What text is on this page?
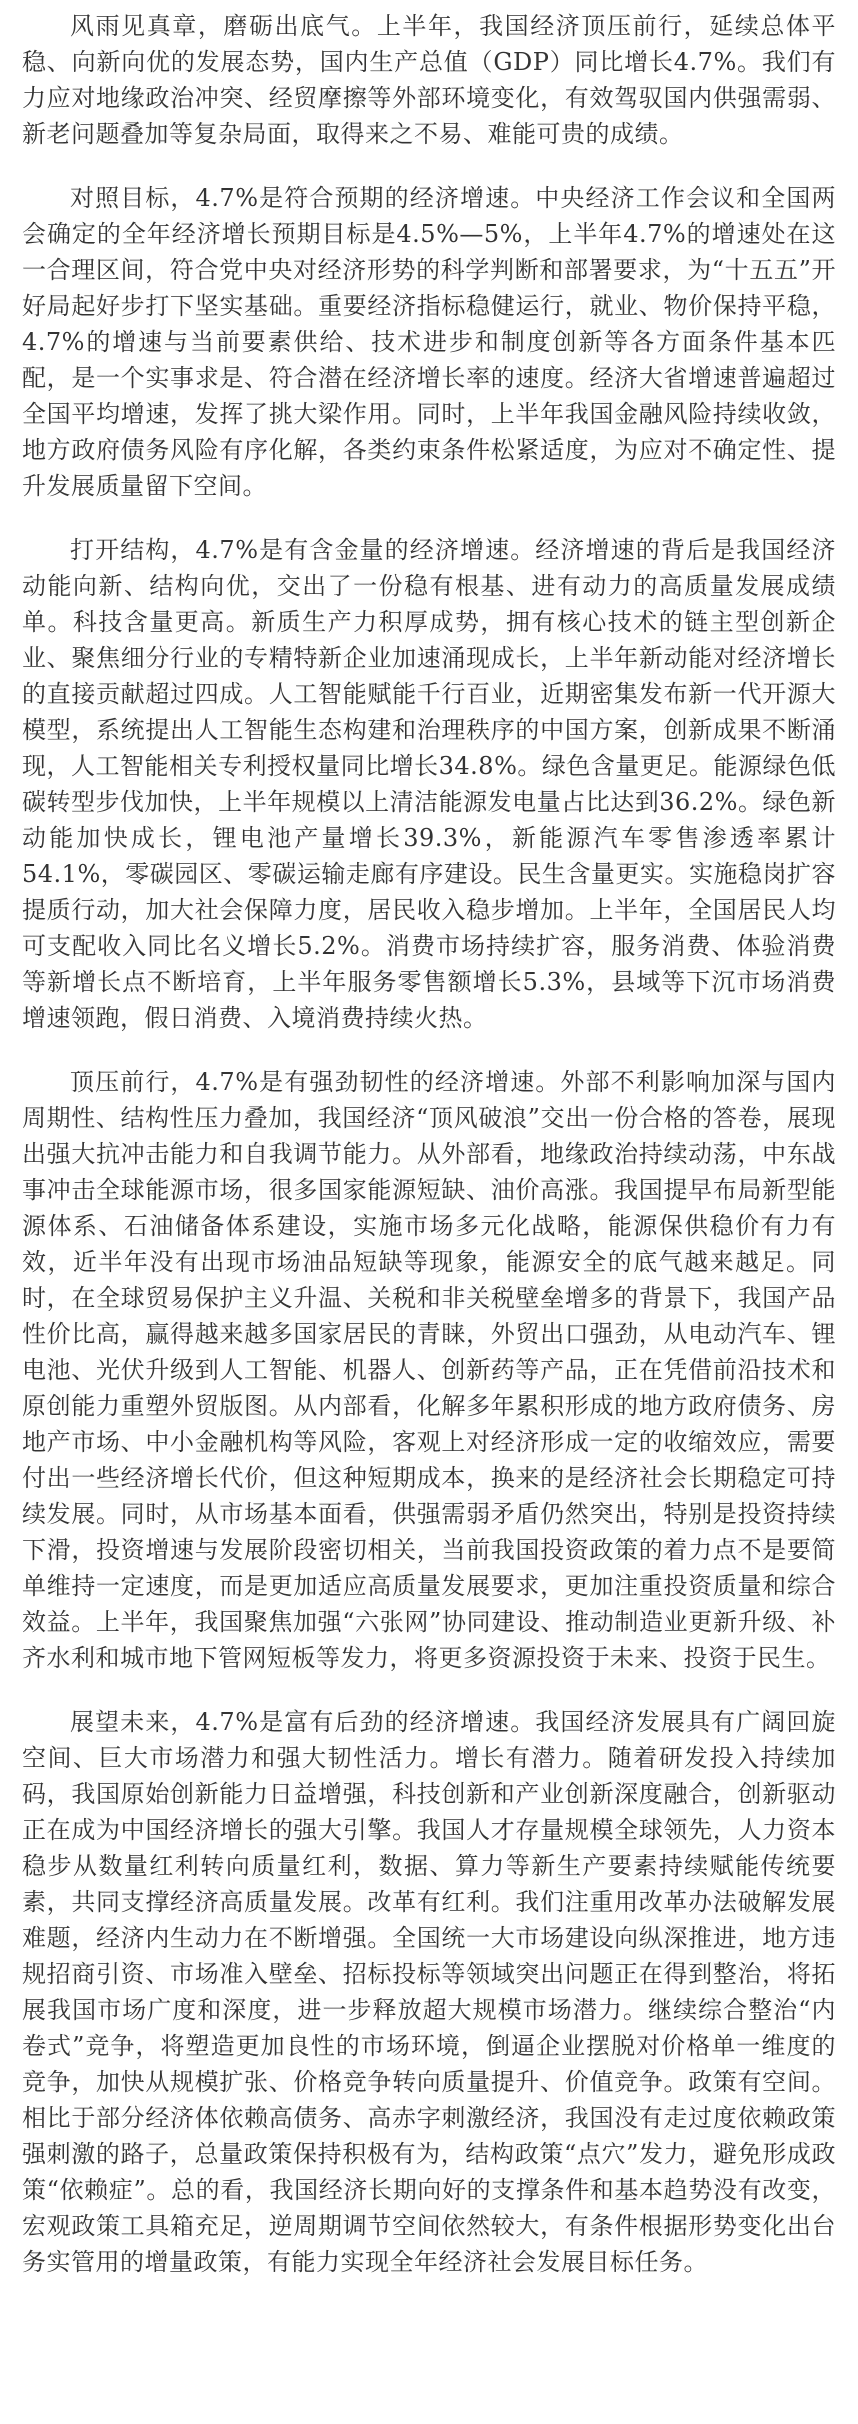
风雨见真章，磨砺出底气。上半年，我国经济顶压前行，延续总体平稳、向新向优的发展态势，国内生产总值（GDP）同比增长4.7%。我们有力应对地缘政治冲突、经贸摩擦等外部环境变化，有效驾驭国内供强需弱、新老问题叠加等复杂局面，取得来之不易、难能可贵的成绩。

对照目标，4.7%是符合预期的经济增速。中央经济工作会议和全国两会确定的全年经济增长预期目标是4.5%—5%，上半年4.7%的增速处在这一合理区间，符合党中央对经济形势的科学判断和部署要求，为“十五五”开好局起好步打下坚实基础。重要经济指标稳健运行，就业、物价保持平稳，4.7%的增速与当前要素供给、技术进步和制度创新等各方面条件基本匹配，是一个实事求是、符合潜在经济增长率的速度。经济大省增速普遍超过全国平均增速，发挥了挑大梁作用。同时，上半年我国金融风险持续收敛，地方政府债务风险有序化解，各类约束条件松紧适度，为应对不确定性、提升发展质量留下空间。

打开结构，4.7%是有含金量的经济增速。经济增速的背后是我国经济动能向新、结构向优，交出了一份稳有根基、进有动力的高质量发展成绩单。科技含量更高。新质生产力积厚成势，拥有核心技术的链主型创新企业、聚焦细分行业的专精特新企业加速涌现成长，上半年新动能对经济增长的直接贡献超过四成。人工智能赋能千行百业，近期密集发布新一代开源大模型，系统提出人工智能生态构建和治理秩序的中国方案，创新成果不断涌现，人工智能相关专利授权量同比增长34.8%。绿色含量更足。能源绿色低碳转型步伐加快，上半年规模以上清洁能源发电量占比达到36.2%。绿色新动能加快成长，锂电池产量增长39.3%，新能源汽车零售渗透率累计54.1%，零碳园区、零碳运输走廊有序建设。民生含量更实。实施稳岗扩容提质行动，加大社会保障力度，居民收入稳步增加。上半年，全国居民人均可支配收入同比名义增长5.2%。消费市场持续扩容，服务消费、体验消费等新增长点不断培育，上半年服务零售额增长5.3%，县域等下沉市场消费增速领跑，假日消费、入境消费持续火热。

顶压前行，4.7%是有强劲韧性的经济增速。外部不利影响加深与国内周期性、结构性压力叠加，我国经济“顶风破浪”交出一份合格的答卷，展现出强大抗冲击能力和自我调节能力。从外部看，地缘政治持续动荡，中东战事冲击全球能源市场，很多国家能源短缺、油价高涨。我国提早布局新型能源体系、石油储备体系建设，实施市场多元化战略，能源保供稳价有力有效，近半年没有出现市场油品短缺等现象，能源安全的底气越来越足。同时，在全球贸易保护主义升温、关税和非关税壁垒增多的背景下，我国产品性价比高，赢得越来越多国家居民的青睐，外贸出口强劲，从电动汽车、锂电池、光伏升级到人工智能、机器人、创新药等产品，正在凭借前沿技术和原创能力重塑外贸版图。从内部看，化解多年累积形成的地方政府债务、房地产市场、中小金融机构等风险，客观上对经济形成一定的收缩效应，需要付出一些经济增长代价，但这种短期成本，换来的是经济社会长期稳定可持续发展。同时，从市场基本面看，供强需弱矛盾仍然突出，特别是投资持续下滑，投资增速与发展阶段密切相关，当前我国投资政策的着力点不是要简单维持一定速度，而是更加适应高质量发展要求，更加注重投资质量和综合效益。上半年，我国聚焦加强“六张网”协同建设、推动制造业更新升级、补齐水利和城市地下管网短板等发力，将更多资源投资于未来、投资于民生。

展望未来，4.7%是富有后劲的经济增速。我国经济发展具有广阔回旋空间、巨大市场潜力和强大韧性活力。增长有潜力。随着研发投入持续加码，我国原始创新能力日益增强，科技创新和产业创新深度融合，创新驱动正在成为中国经济增长的强大引擎。我国人才存量规模全球领先，人力资本稳步从数量红利转向质量红利，数据、算力等新生产要素持续赋能传统要素，共同支撑经济高质量发展。改革有红利。我们注重用改革办法破解发展难题，经济内生动力在不断增强。全国统一大市场建设向纵深推进，地方违规招商引资、市场准入壁垒、招标投标等领域突出问题正在得到整治，将拓展我国市场广度和深度，进一步释放超大规模市场潜力。继续综合整治“内卷式”竞争，将塑造更加良性的市场环境，倒逼企业摆脱对价格单一维度的竞争，加快从规模扩张、价格竞争转向质量提升、价值竞争。政策有空间。相比于部分经济体依赖高债务、高赤字刺激经济，我国没有走过度依赖政策强刺激的路子，总量政策保持积极有为，结构政策“点穴”发力，避免形成政策“依赖症”。总的看，我国经济长期向好的支撑条件和基本趋势没有改变，宏观政策工具箱充足，逆周期调节空间依然较大，有条件根据形势变化出台务实管用的增量政策，有能力实现全年经济社会发展目标任务。
